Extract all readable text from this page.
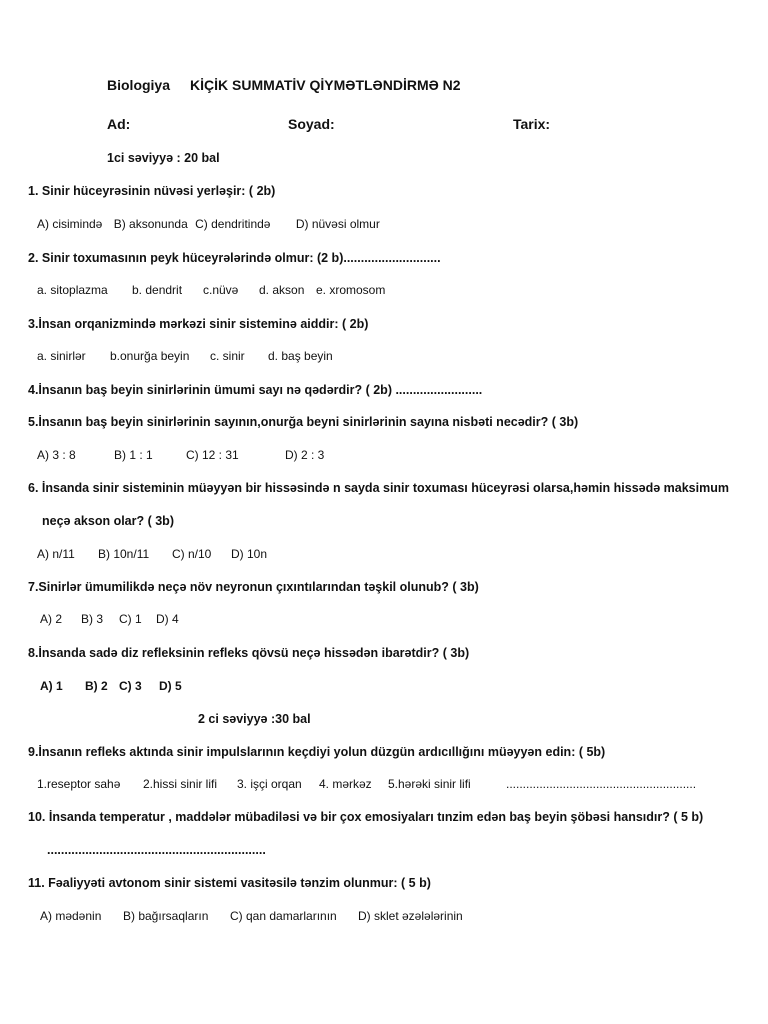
Biologiya KİÇİK SUMMATİV QİYMƏTLƏNDİRMƏ N2
Ad:	Soyad:	Tarix:
1ci səviyyə : 20 bal
1. Sinir hüceyrəsinin nüvəsi yerləşir: ( 2b)
A) cisimində B) aksonunda C) dendritində D) nüvəsi olmur
2. Sinir toxumasının peyk hüceyrələrində olmur: (2 b)............................
a. sitoplazma b. dendrit c.nüvə d. akson e. xromosom
3.İnsan orqanizmində mərkəzi sinir sisteminə aiddir: ( 2b)
a. sinirlər b.onurğa beyin c. sinir d. baş beyin
4.İnsanın baş beyin sinirlərinin ümumi sayı nə qədərdir? ( 2b) .........................
5.İnsanın baş beyin sinirlərinin sayının,onurğa beyni sinirlərinin sayına nisbəti necədir? ( 3b)
A) 3 : 8	B) 1 : 1	C) 12 : 31	D) 2 : 3
6. İnsanda sinir sisteminin müəyyən bir hissəsində n sayda sinir toxuması hüceyrəsi olarsa,həmin hissədə maksimum
neçə akson olar? ( 3b)
A) n/11 B) 10n/11 C) n/10 D) 10n
7.Sinirlər ümumilikdə neçə növ neyronun çıxıntılarından təşkil olunub? ( 3b)
A) 2 B) 3 C) 1 D) 4
8.İnsanda sadə diz refleksinin refleks qövsü neçə hissədən ibarətdir? ( 3b)
A) 1 B) 2 C) 3 D) 5
2 ci səviyyə :30 bal
9.İnsanın refleks aktında sinir impulslarının keçdiyi yolun düzgün ardıcıllığını müəyyən edin: ( 5b)
1.reseptor sahə 2.hissi sinir lifi 3. işçi orqan 4. mərkəz 5.hərəki sinir lifi	.........................................................
10. İnsanda temperatur , maddələr mübadiləsi və bir çox emosiyaları tınzim edən baş beyin şöbəsi hansıdır? ( 5 b)
...............................................................
11. Fəaliyyəti avtonom sinir sistemi vasitəsilə tənzim olunmur: ( 5 b)
A) mədənin B) bağırsaqların C) qan damarlarının D) sklet əzələlərinin
